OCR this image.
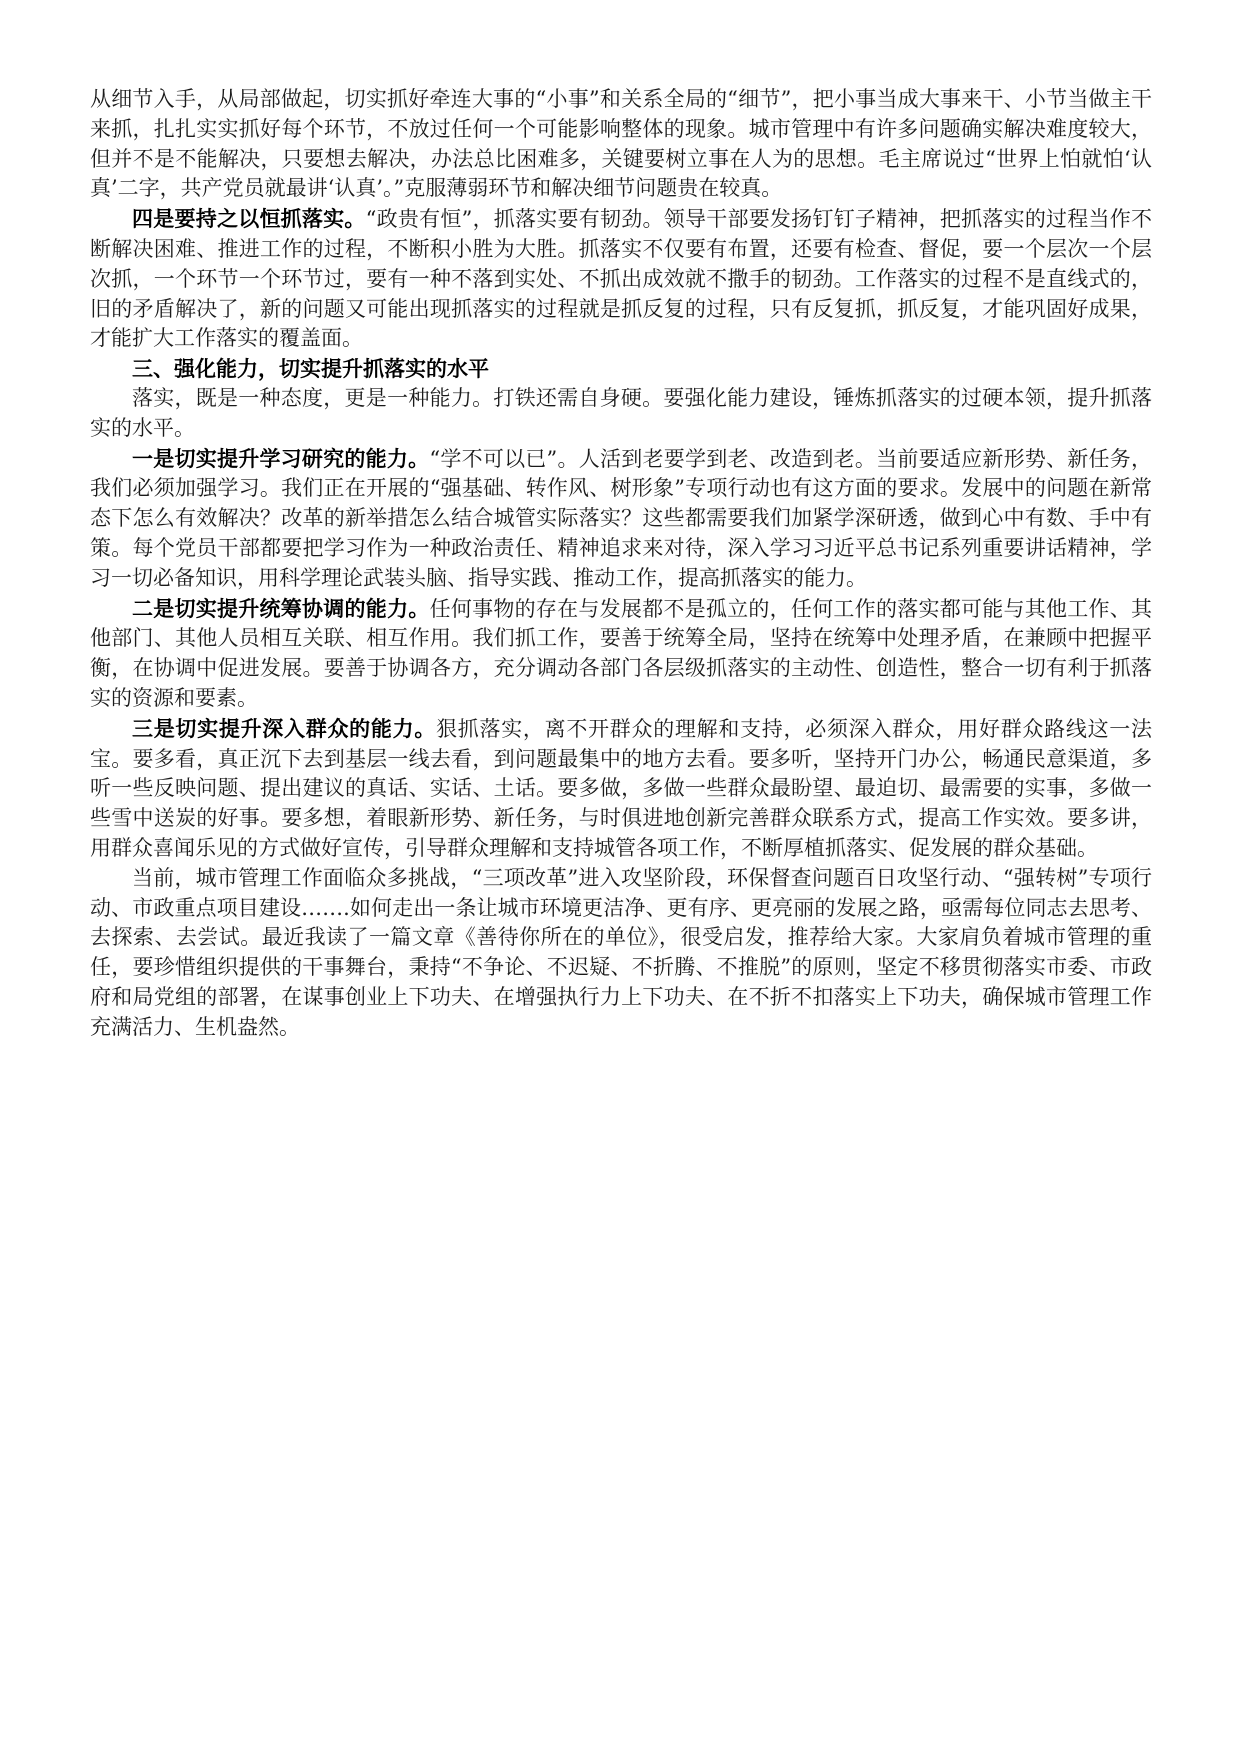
从细节入手，从局部做起，切实抓好牵连大事的“小事”和关系全局的“细节”，把小事当成大事来干、小节当做主干来抓，扎扎实实抓好每个环节，不放过任何一个可能影响整体的现象。城市管理中有许多问题确实解决难度较大，但并不是不能解决，只要想去解决，办法总比困难多，关键要树立事在人为的思想。毛主席说过“世界上怕就怕‘认真’二字，共产党员就最讲‘认真’。”克服薄弱环节和解决细节问题贵在较真。

四是要持之以恒抓落实。“政贵有恒”，抓落实要有韧劲。领导干部要发扬钉钉子精神，把抓落实的过程当作不断解决困难、推进工作的过程，不断积小胜为大胜。抓落实不仅要有布置，还要有检查、督促，要一个层次一个层次抓，一个环节一个环节过，要有一种不落到实处、不抓出成效就不撒手的韧劲。工作落实的过程不是直线式的，旧的矛盾解决了，新的问题又可能出现抓落实的过程就是抓反复的过程，只有反复抓，抓反复，才能巩固好成果，才能扩大工作落实的覆盖面。

三、强化能力，切实提升抓落实的水平

落实，既是一种态度，更是一种能力。打铁还需自身硬。要强化能力建设，锤炼抓落实的过硬本领，提升抓落实的水平。

一是切实提升学习研究的能力。“学不可以已”。人活到老要学到老、改造到老。当前要适应新形势、新任务，我们必须加强学习。我们正在开展的“强基础、转作风、树形象”专项行动也有这方面的要求。发展中的问题在新常态下怎么有效解决？改革的新举措怎么结合城管实际落实？这些都需要我们加紧学深研透，做到心中有数、手中有策。每个党员干部都要把学习作为一种政治责任、精神追求来对待，深入学习习近平总书记系列重要讲话精神，学习一切必备知识，用科学理论武装头脑、指导实践、推动工作，提高抓落实的能力。

二是切实提升统筹协调的能力。任何事物的存在与发展都不是孤立的，任何工作的落实都可能与其他工作、其他部门、其他人员相互关联、相互作用。我们抓工作，要善于统筹全局，坚持在统筹中处理矛盾，在兼顾中把握平衡，在协调中促进发展。要善于协调各方，充分调动各部门各层级抓落实的主动性、创造性，整合一切有利于抓落实的资源和要素。

三是切实提升深入群众的能力。狠抓落实，离不开群众的理解和支持，必须深入群众，用好群众路线这一法宝。要多看，真正沉下去到基层一线去看，到问题最集中的地方去看。要多听，坚持开门办公，畅通民意渠道，多听一些反映问题、提出建议的真话、实话、土话。要多做，多做一些群众最盼望、最迫切、最需要的实事，多做一些雪中送炭的好事。要多想，着眼新形势、新任务，与时俱进地创新完善群众联系方式，提高工作实效。要多讲，用群众喜闻乐见的方式做好宣传，引导群众理解和支持城管各项工作，不断厚植抓落实、促发展的群众基础。

当前，城市管理工作面临众多挑战，“三项改革”进入攻坚阶段，环保督查问题百日攻坚行动、“强转树”专项行动、市政重点项目建设…….如何走出一条让城市环境更洁净、更有序、更亮丽的发展之路，亟需每位同志去思考、去探索、去尝试。最近我读了一篇文章《善待你所在的单位》，很受启发，推荐给大家。大家肩负着城市管理的重任，要珍惜组织提供的干事舞台，秉持“不争论、不迟疑、不折腾、不推脱”的原则，坚定不移贯彻落实市委、市政府和局党组的部署，在谋事创业上下功夫、在增强执行力上下功夫、在不折不扣落实上下功夫，确保城市管理工作充满活力、生机盎然。
